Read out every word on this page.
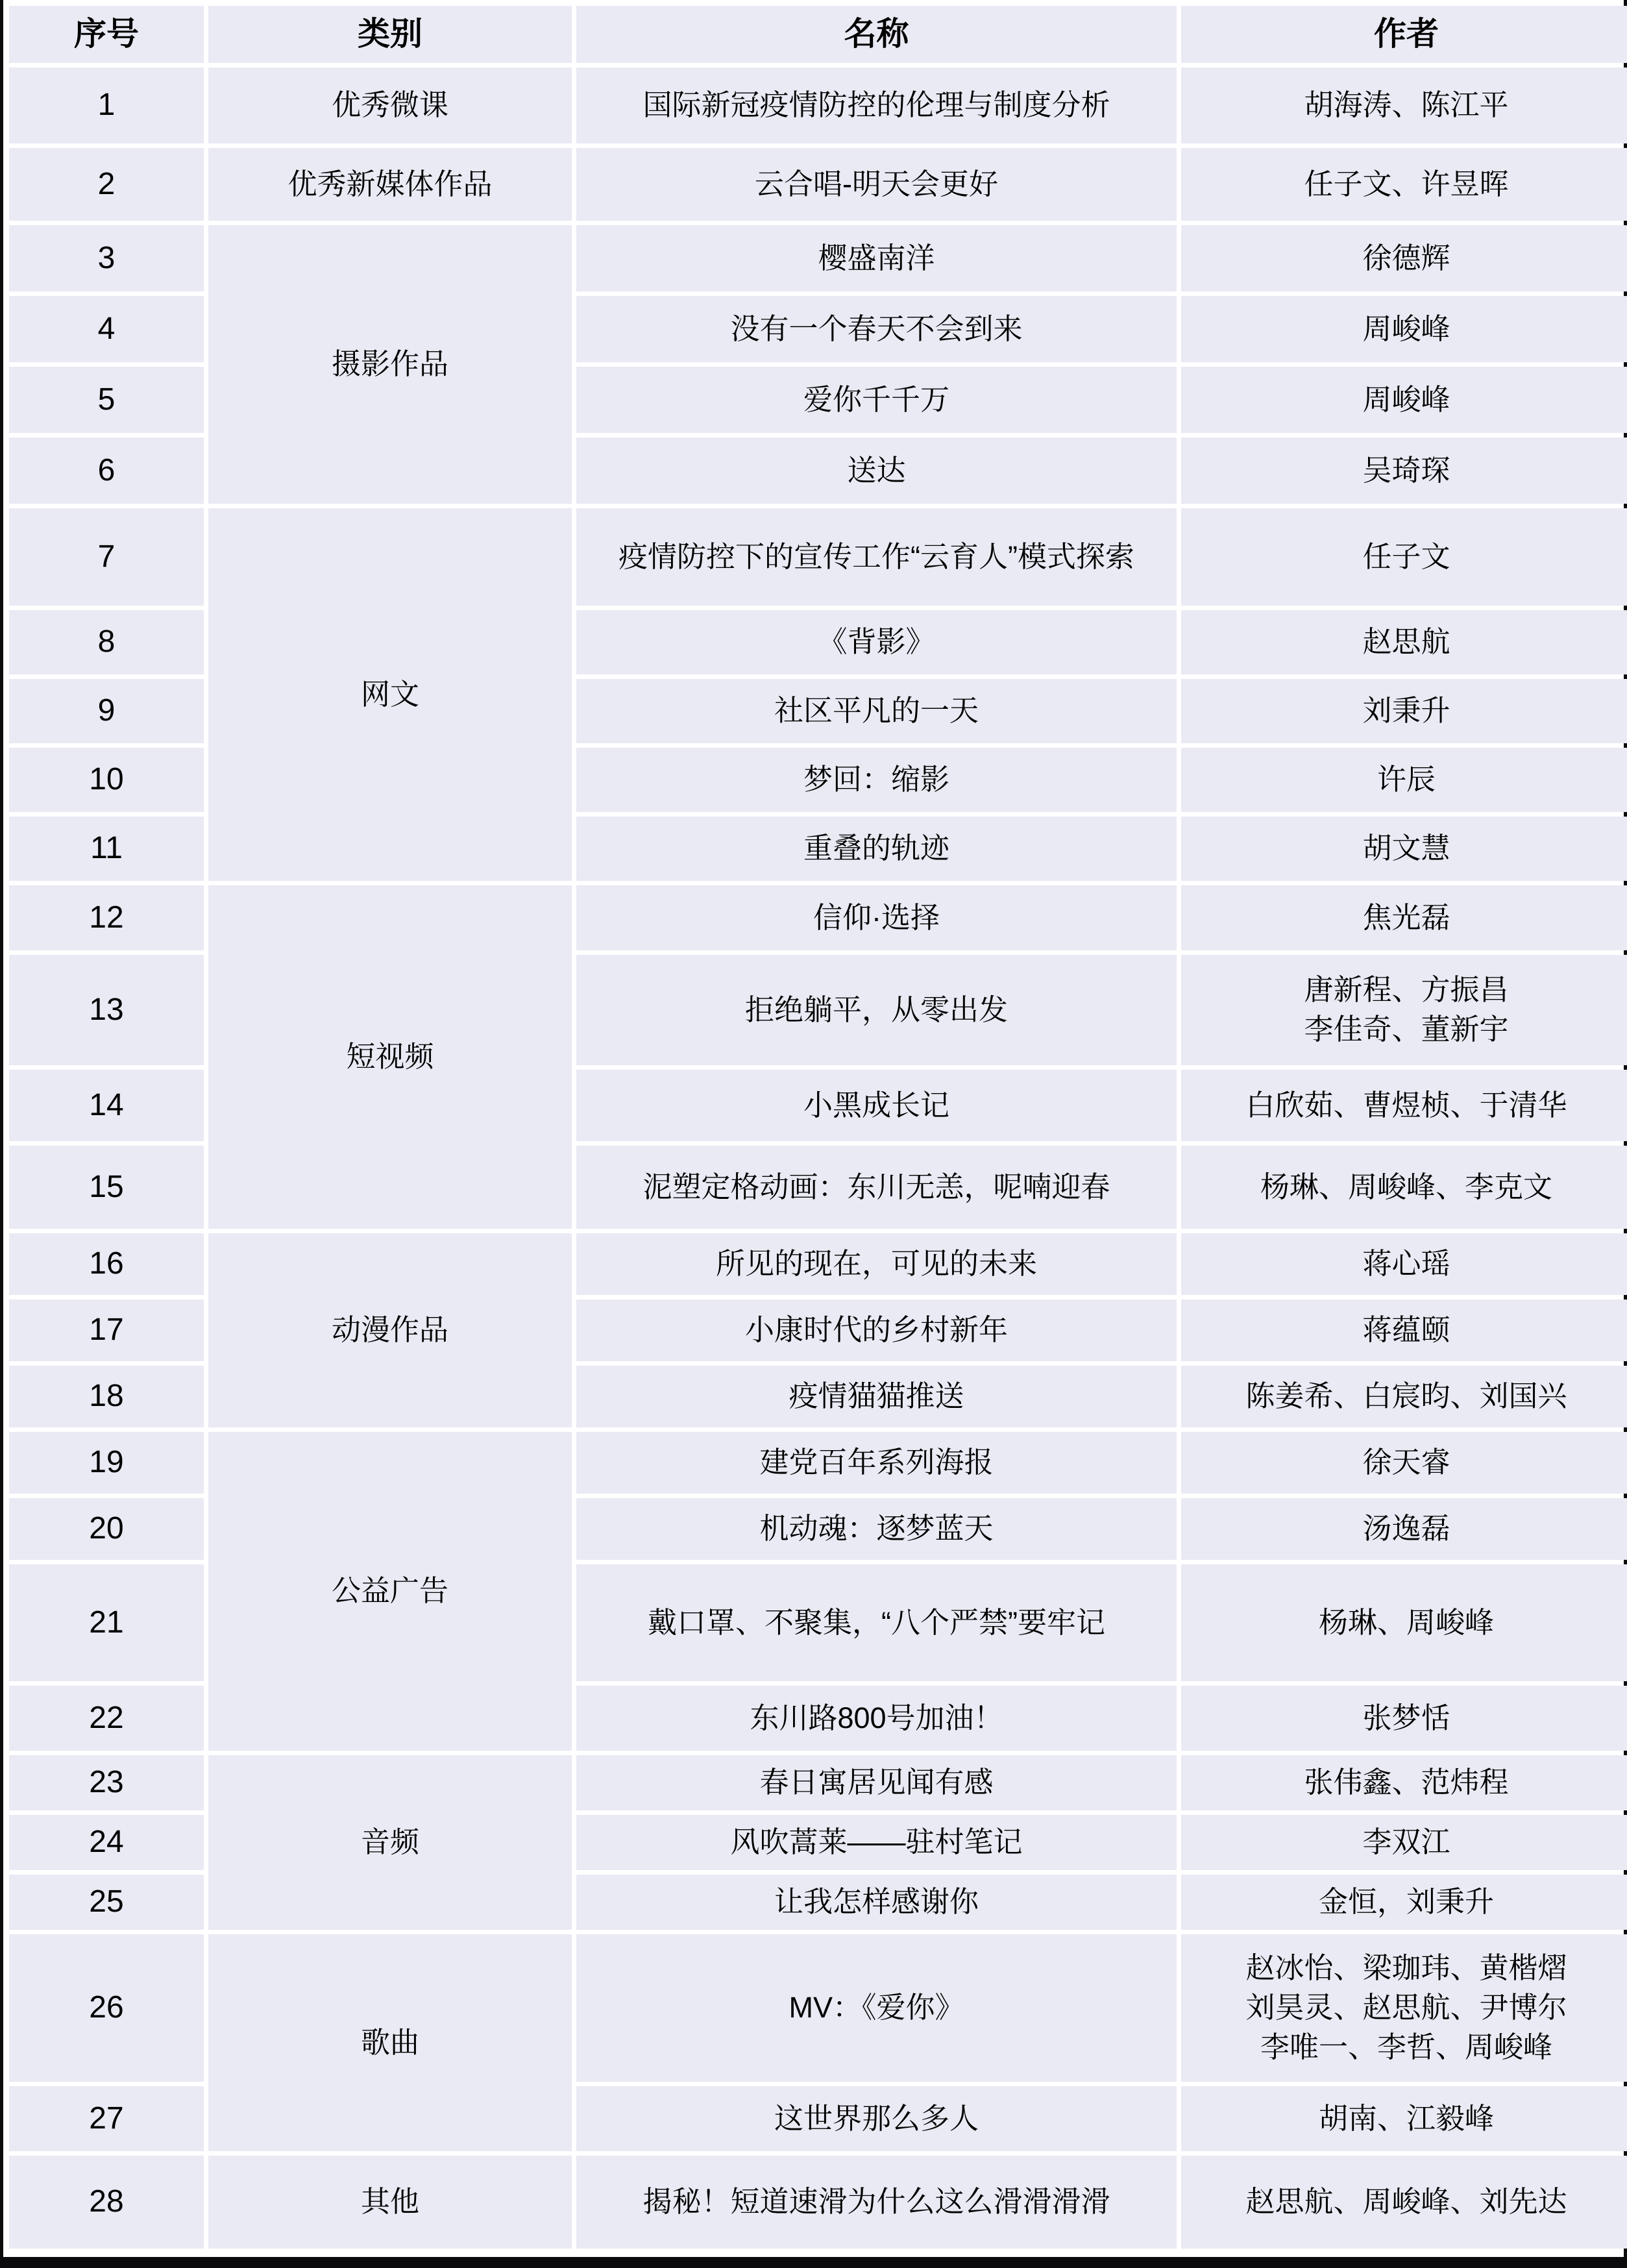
序号	类别	名称	作者
1	优秀微课	国际新冠疫情防控的伦理与制度分析	胡海涛、陈江平

2	优秀新媒体作品	云合唱-明天会更好	任子文、许昱晖

3	摄影作品	樱盛南洋	徐德辉

4		没有一个春天不会到来	周峻峰

5		爱你千千万	周峻峰

6		送达	吴琦琛

7	网文	疫情防控下的宣传工作“云育人”模式探索	任子文

8		《背影》	赵思航

9		社区平凡的一天	刘秉升

10		梦回：缩影	许辰

11		重叠的轨迹	胡文慧

12	短视频	信仰·选择	焦光磊

13		拒绝躺平，从零出发	唐新程、方振昌
李佳奇、董新宇

14		小黑成长记	白欣茹、曹煜桢、于清华

15		泥塑定格动画：东川无恙，呢喃迎春	杨琳、周峻峰、李克文

16	动漫作品	所见的现在，可见的未来	蒋心瑶

17		小康时代的乡村新年	蒋蕴颐

18		疫情猫猫推送	陈姜希、白宸昀、刘国兴

19	公益广告	建党百年系列海报	徐天睿

20		机动魂：逐梦蓝天	汤逸磊

21		戴口罩、不聚集，“八个严禁”要牢记	杨琳、周峻峰

22		东川路800号加油！	张梦恬

23	音频	春日寓居见闻有感	张伟鑫、范炜程

24		风吹蒿莱——驻村笔记	李双江

25		让我怎样感谢你	金恒，刘秉升

26	歌曲	MV：《爱你》	赵冰怡、梁珈玮、黄楷熠
刘昊灵、赵思航、尹博尔
李唯一、李哲、周峻峰

27		这世界那么多人	胡南、江毅峰

28	其他	揭秘！短道速滑为什么这么滑滑滑滑	赵思航、周峻峰、刘先达
